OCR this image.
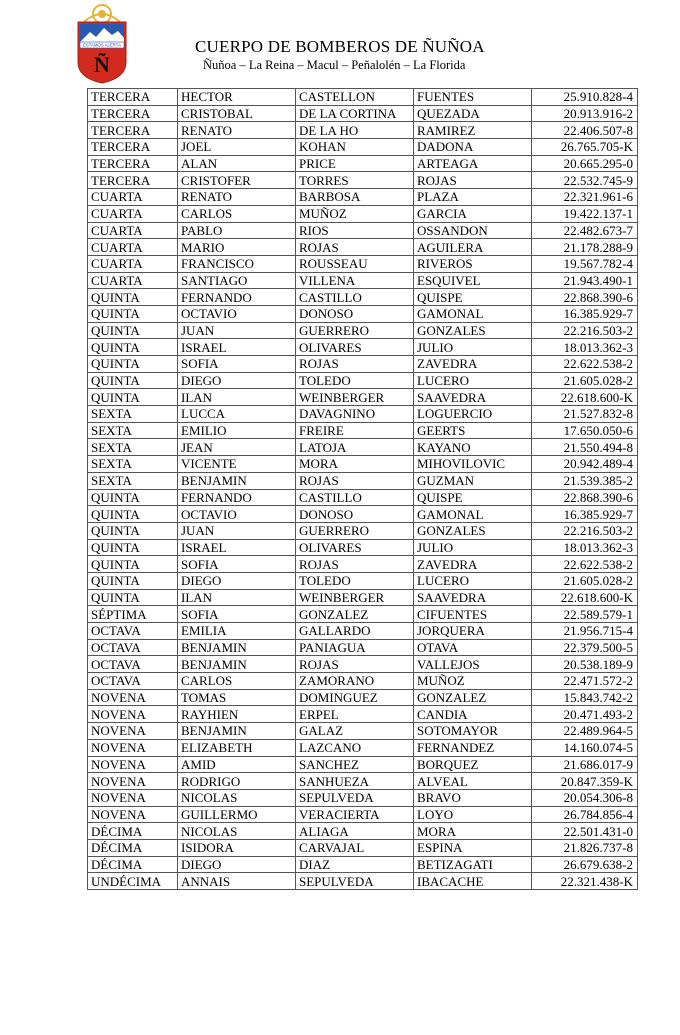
ESTAMOS ALERTA
Ñ
CUERPO DE BOMBEROS DE ÑUÑOA
Ñuñoa – La Reina – Macul – Peñalolén – La Florida
TERCERA	HECTOR	CASTELLON	FUENTES	25.910.828-4
TERCERA	CRISTOBAL	DE LA CORTINA	QUEZADA	20.913.916-2
TERCERA	RENATO	DE LA HO	RAMIREZ	22.406.507-8
TERCERA	JOEL	KOHAN	DADONA	26.765.705-K
TERCERA	ALAN	PRICE	ARTEAGA	20.665.295-0
TERCERA	CRISTOFER	TORRES	ROJAS	22.532.745-9
CUARTA	RENATO	BARBOSA	PLAZA	22.321.961-6
CUARTA	CARLOS	MUÑOZ	GARCIA	19.422.137-1
CUARTA	PABLO	RIOS	OSSANDON	22.482.673-7
CUARTA	MARIO	ROJAS	AGUILERA	21.178.288-9
CUARTA	FRANCISCO	ROUSSEAU	RIVEROS	19.567.782-4
CUARTA	SANTIAGO	VILLENA	ESQUIVEL	21.943.490-1
QUINTA	FERNANDO	CASTILLO	QUISPE	22.868.390-6
QUINTA	OCTAVIO	DONOSO	GAMONAL	16.385.929-7
QUINTA	JUAN	GUERRERO	GONZALES	22.216.503-2
QUINTA	ISRAEL	OLIVARES	JULIO	18.013.362-3
QUINTA	SOFIA	ROJAS	ZAVEDRA	22.622.538-2
QUINTA	DIEGO	TOLEDO	LUCERO	21.605.028-2
QUINTA	ILAN	WEINBERGER	SAAVEDRA	22.618.600-K
SEXTA	LUCCA	DAVAGNINO	LOGUERCIO	21.527.832-8
SEXTA	EMILIO	FREIRE	GEERTS	17.650.050-6
SEXTA	JEAN	LATOJA	KAYANO	21.550.494-8
SEXTA	VICENTE	MORA	MIHOVILOVIC	20.942.489-4
SEXTA	BENJAMIN	ROJAS	GUZMAN	21.539.385-2
QUINTA	FERNANDO	CASTILLO	QUISPE	22.868.390-6
QUINTA	OCTAVIO	DONOSO	GAMONAL	16.385.929-7
QUINTA	JUAN	GUERRERO	GONZALES	22.216.503-2
QUINTA	ISRAEL	OLIVARES	JULIO	18.013.362-3
QUINTA	SOFIA	ROJAS	ZAVEDRA	22.622.538-2
QUINTA	DIEGO	TOLEDO	LUCERO	21.605.028-2
QUINTA	ILAN	WEINBERGER	SAAVEDRA	22.618.600-K
SÉPTIMA	SOFIA	GONZALEZ	CIFUENTES	22.589.579-1
OCTAVA	EMILIA	GALLARDO	JORQUERA	21.956.715-4
OCTAVA	BENJAMIN	PANIAGUA	OTAVA	22.379.500-5
OCTAVA	BENJAMIN	ROJAS	VALLEJOS	20.538.189-9
OCTAVA	CARLOS	ZAMORANO	MUÑOZ	22.471.572-2
NOVENA	TOMAS	DOMINGUEZ	GONZALEZ	15.843.742-2
NOVENA	RAYHIEN	ERPEL	CANDIA	20.471.493-2
NOVENA	BENJAMIN	GALAZ	SOTOMAYOR	22.489.964-5
NOVENA	ELIZABETH	LAZCANO	FERNANDEZ	14.160.074-5
NOVENA	AMID	SANCHEZ	BORQUEZ	21.686.017-9
NOVENA	RODRIGO	SANHUEZA	ALVEAL	20.847.359-K
NOVENA	NICOLAS	SEPULVEDA	BRAVO	20.054.306-8
NOVENA	GUILLERMO	VERACIERTA	LOYO	26.784.856-4
DÉCIMA	NICOLAS	ALIAGA	MORA	22.501.431-0
DÉCIMA	ISIDORA	CARVAJAL	ESPINA	21.826.737-8
DÉCIMA	DIEGO	DIAZ	BETIZAGATI	26.679.638-2
UNDÉCIMA	ANNAIS	SEPULVEDA	IBACACHE	22.321.438-K
